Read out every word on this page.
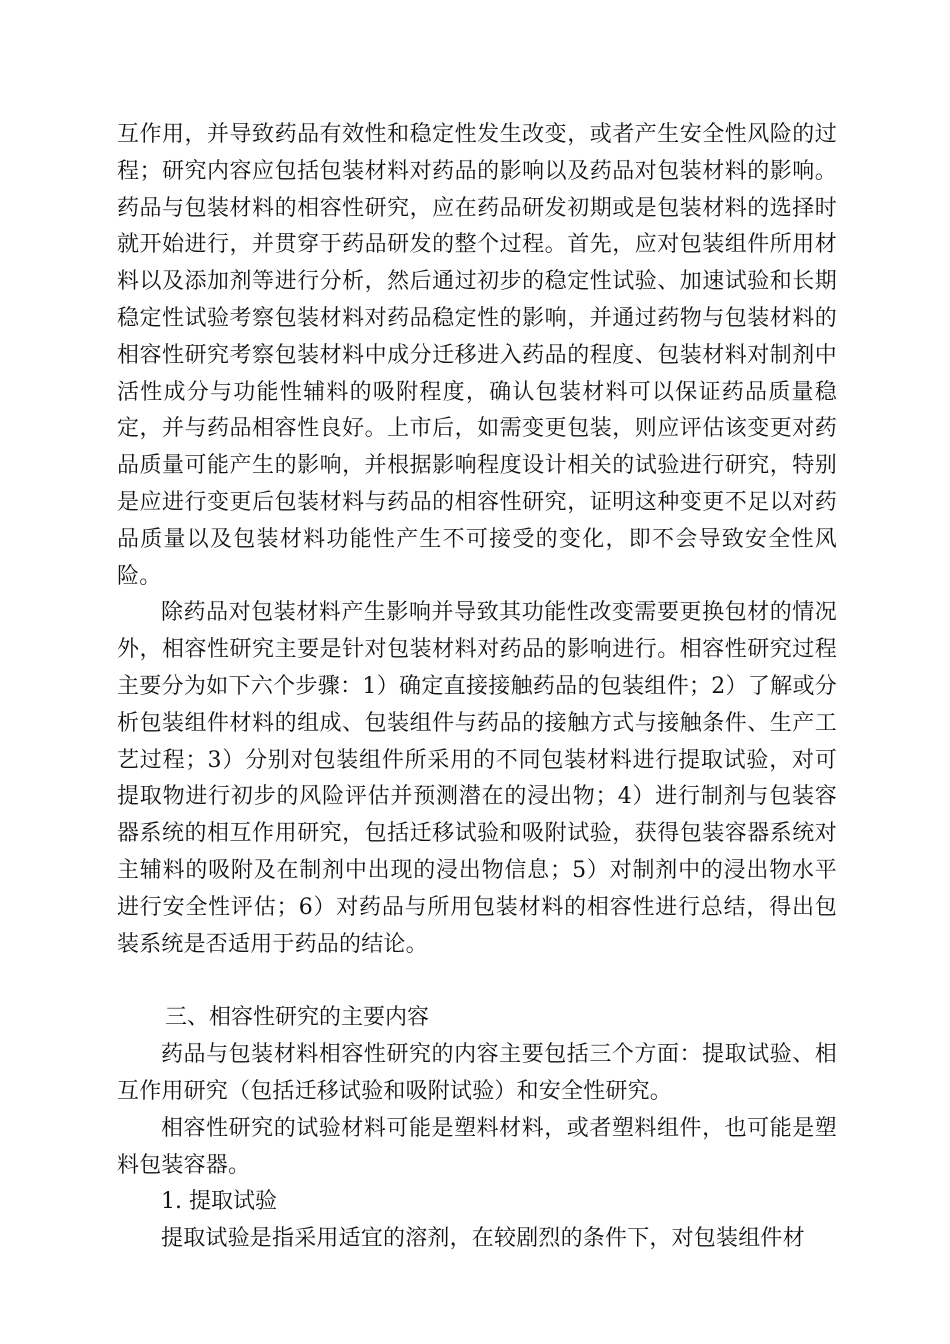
互作用，并导致药品有效性和稳定性发生改变，或者产生安全性风险的过程；研究内容应包括包装材料对药品的影响以及药品对包装材料的影响。药品与包装材料的相容性研究，应在药品研发初期或是包装材料的选择时就开始进行，并贯穿于药品研发的整个过程。首先，应对包装组件所用材料以及添加剂等进行分析，然后通过初步的稳定性试验、加速试验和长期稳定性试验考察包装材料对药品稳定性的影响，并通过药物与包装材料的相容性研究考察包装材料中成分迁移进入药品的程度、包装材料对制剂中活性成分与功能性辅料的吸附程度，确认包装材料可以保证药品质量稳定，并与药品相容性良好。上市后，如需变更包装，则应评估该变更对药品质量可能产生的影响，并根据影响程度设计相关的试验进行研究，特别是应进行变更后包装材料与药品的相容性研究，证明这种变更不足以对药品质量以及包装材料功能性产生不可接受的变化，即不会导致安全性风险。

除药品对包装材料产生影响并导致其功能性改变需要更换包材的情况外，相容性研究主要是针对包装材料对药品的影响进行。相容性研究过程主要分为如下六个步骤：1）确定直接接触药品的包装组件；2）了解或分析包装组件材料的组成、包装组件与药品的接触方式与接触条件、生产工艺过程；3）分别对包装组件所采用的不同包装材料进行提取试验，对可提取物进行初步的风险评估并预测潜在的浸出物；4）进行制剂与包装容器系统的相互作用研究，包括迁移试验和吸附试验，获得包装容器系统对主辅料的吸附及在制剂中出现的浸出物信息；5）对制剂中的浸出物水平进行安全性评估；6）对药品与所用包装材料的相容性进行总结，得出包装系统是否适用于药品的结论。

三、相容性研究的主要内容

药品与包装材料相容性研究的内容主要包括三个方面：提取试验、相互作用研究（包括迁移试验和吸附试验）和安全性研究。

相容性研究的试验材料可能是塑料材料，或者塑料组件，也可能是塑料包装容器。

1. 提取试验

提取试验是指采用适宜的溶剂，在较剧烈的条件下，对包装组件材
